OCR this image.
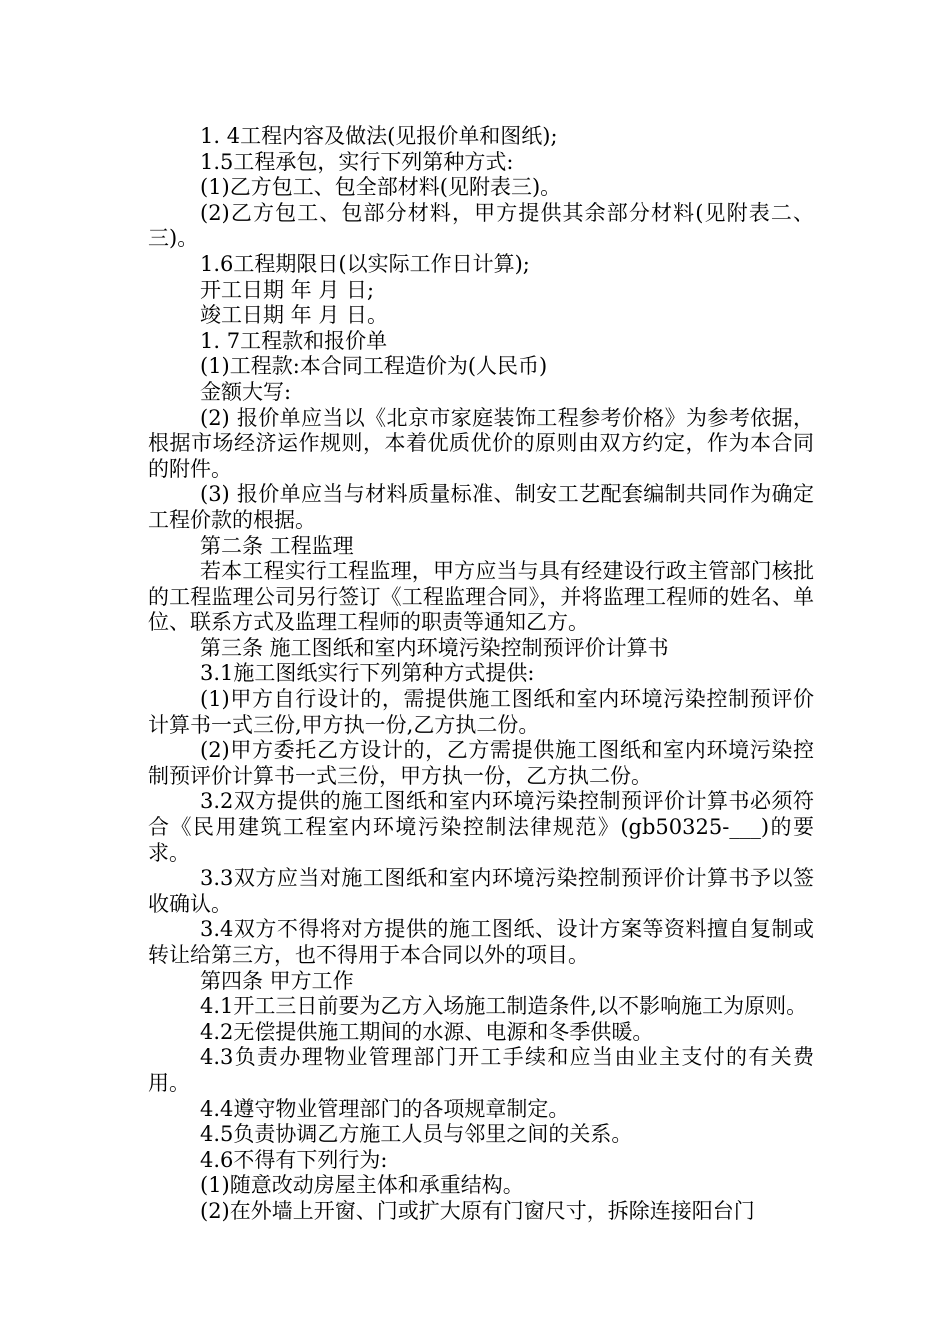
1. 4工程内容及做法(见报价单和图纸);

1.5工程承包，实行下列第种方式:

(1)乙方包工、包全部材料(见附表三)。

(2)乙方包工、包部分材料，甲方提供其余部分材料(见附表二、三)。

1.6工程期限日(以实际工作日计算);

开工日期 年 月 日;

竣工日期 年 月 日。

1. 7工程款和报价单

(1)工程款:本合同工程造价为(人民币)

金额大写:

(2) 报价单应当以《北京市家庭装饰工程参考价格》为参考依据，根据市场经济运作规则，本着优质优价的原则由双方约定，作为本合同的附件。

(3) 报价单应当与材料质量标准、制安工艺配套编制共同作为确定工程价款的根据。

第二条 工程监理

若本工程实行工程监理，甲方应当与具有经建设行政主管部门核批的工程监理公司另行签订《工程监理合同》，并将监理工程师的姓名、单位、联系方式及监理工程师的职责等通知乙方。

第三条 施工图纸和室内环境污染控制预评价计算书

3.1施工图纸实行下列第种方式提供:

(1)甲方自行设计的，需提供施工图纸和室内环境污染控制预评价计算书一式三份,甲方执一份,乙方执二份。

(2)甲方委托乙方设计的，乙方需提供施工图纸和室内环境污染控制预评价计算书一式三份，甲方执一份，乙方执二份。

3.2双方提供的施工图纸和室内环境污染控制预评价计算书必须符合《民用建筑工程室内环境污染控制法律规范》(gb50325-___)的要求。

3.3双方应当对施工图纸和室内环境污染控制预评价计算书予以签收确认。

3.4双方不得将对方提供的施工图纸、设计方案等资料擅自复制或转让给第三方，也不得用于本合同以外的项目。

第四条 甲方工作

4.1开工三日前要为乙方入场施工制造条件,以不影响施工为原则。

4.2无偿提供施工期间的水源、电源和冬季供暖。

4.3负责办理物业管理部门开工手续和应当由业主支付的有关费用。

4.4遵守物业管理部门的各项规章制定。

4.5负责协调乙方施工人员与邻里之间的关系。

4.6不得有下列行为:

(1)随意改动房屋主体和承重结构。

(2)在外墙上开窗、门或扩大原有门窗尺寸，拆除连接阳台门
